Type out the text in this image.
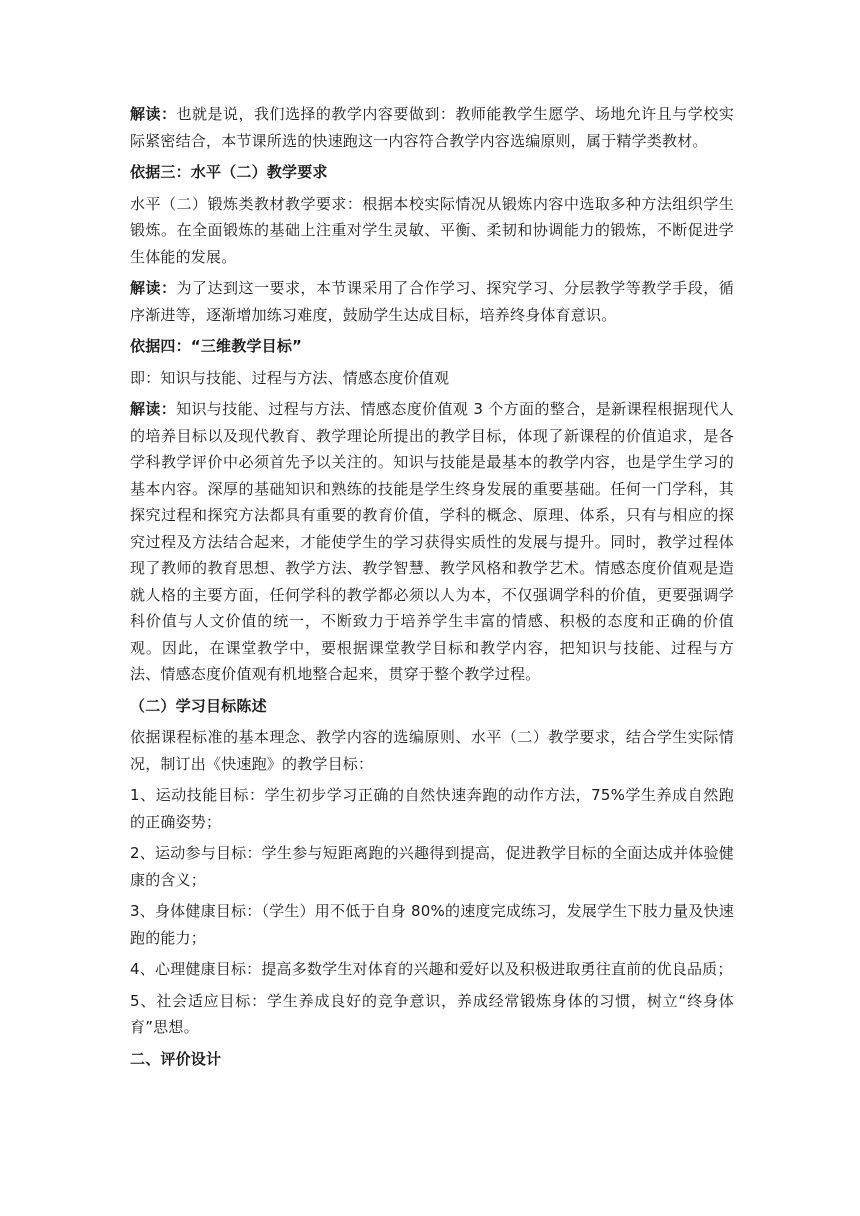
解读：也就是说，我们选择的教学内容要做到：教师能教学生愿学、场地允许且与学校实际紧密结合，本节课所选的快速跑这一内容符合教学内容选编原则，属于精学类教材。

依据三：水平（二）教学要求

水平（二）锻炼类教材教学要求：根据本校实际情况从锻炼内容中选取多种方法组织学生锻炼。在全面锻炼的基础上注重对学生灵敏、平衡、柔韧和协调能力的锻炼，不断促进学生体能的发展。

解读：为了达到这一要求，本节课采用了合作学习、探究学习、分层教学等教学手段，循序渐进等，逐渐增加练习难度，鼓励学生达成目标，培养终身体育意识。

依据四：“三维教学目标”

即：知识与技能、过程与方法、情感态度价值观

解读：知识与技能、过程与方法、情感态度价值观 3 个方面的整合，是新课程根据现代人的培养目标以及现代教育、教学理论所提出的教学目标，体现了新课程的价值追求，是各学科教学评价中必须首先予以关注的。知识与技能是最基本的教学内容，也是学生学习的基本内容。深厚的基础知识和熟练的技能是学生终身发展的重要基础。任何一门学科，其探究过程和探究方法都具有重要的教育价值，学科的概念、原理、体系，只有与相应的探究过程及方法结合起来，才能使学生的学习获得实质性的发展与提升。同时，教学过程体现了教师的教育思想、教学方法、教学智慧、教学风格和教学艺术。情感态度价值观是造就人格的主要方面，任何学科的教学都必须以人为本，不仅强调学科的价值，更要强调学科价值与人文价值的统一，不断致力于培养学生丰富的情感、积极的态度和正确的价值观。因此，在课堂教学中，要根据课堂教学目标和教学内容，把知识与技能、过程与方法、情感态度价值观有机地整合起来，贯穿于整个教学过程。

（二）学习目标陈述

依据课程标准的基本理念、教学内容的选编原则、水平（二）教学要求，结合学生实际情况，制订出《快速跑》的教学目标：

1、运动技能目标：学生初步学习正确的自然快速奔跑的动作方法，75%学生养成自然跑的正确姿势；

2、运动参与目标：学生参与短距离跑的兴趣得到提高，促进教学目标的全面达成并体验健康的含义；

3、身体健康目标：（学生）用不低于自身 80%的速度完成练习，发展学生下肢力量及快速跑的能力；

4、心理健康目标：提高多数学生对体育的兴趣和爱好以及积极进取勇往直前的优良品质；

5、社会适应目标：学生养成良好的竞争意识，养成经常锻炼身体的习惯，树立“终身体育”思想。

二、评价设计
